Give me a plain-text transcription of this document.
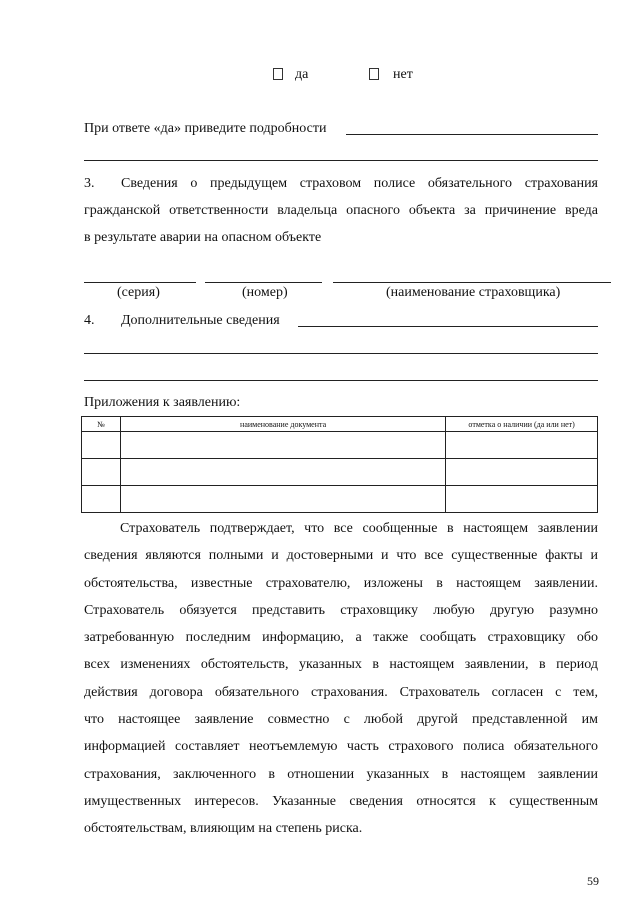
да	нет
При ответе «да» приведите подробности
3. Сведения о предыдущем страховом полисе обязательного страхования
гражданской ответственности владельца опасного объекта за причинение вреда
в результате аварии на опасном объекте
(серия)	(номер)	(наименование страховщика)
4. Дополнительные сведения
Приложения к заявлению:
№	наименование документа	отметка о наличии (да или нет)

Страхователь подтверждает, что все сообщенные в настоящем заявлении
сведения являются полными и достоверными и что все существенные факты и
обстоятельства, известные страхователю, изложены в настоящем заявлении.
Страхователь обязуется представить страховщику любую другую разумно
затребованную последним информацию, а также сообщать страховщику обо
всех изменениях обстоятельств, указанных в настоящем заявлении, в период
действия договора обязательного страхования. Страхователь согласен с тем,
что настоящее заявление совместно с любой другой представленной им
информацией составляет неотъемлемую часть страхового полиса обязательного
страхования, заключенного в отношении указанных в настоящем заявлении
имущественных интересов. Указанные сведения относятся к существенным
обстоятельствам, влияющим на степень риска.
59
